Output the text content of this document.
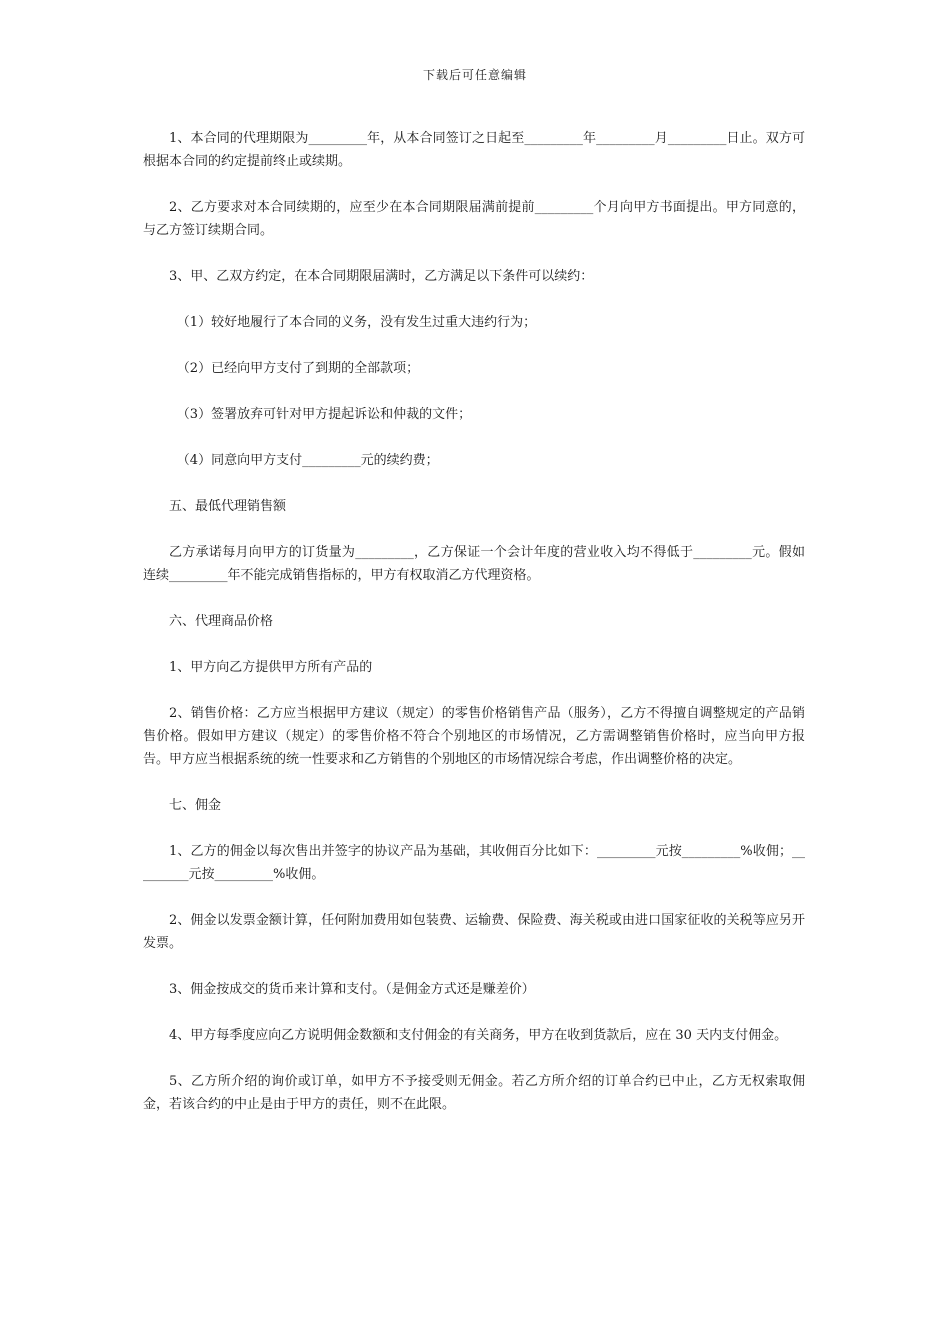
下载后可任意编辑

1、本合同的代理期限为_________年，从本合同签订之日起至_________年_________月_________日止。双方可根据本合同的约定提前终止或续期。

2、乙方要求对本合同续期的，应至少在本合同期限届满前提前_________个月向甲方书面提出。甲方同意的，与乙方签订续期合同。

3、甲、乙双方约定，在本合同期限届满时，乙方满足以下条件可以续约：

（1）较好地履行了本合同的义务，没有发生过重大违约行为；

（2）已经向甲方支付了到期的全部款项；

（3）签署放弃可针对甲方提起诉讼和仲裁的文件；

（4）同意向甲方支付_________元的续约费；

五、最低代理销售额

乙方承诺每月向甲方的订货量为_________，乙方保证一个会计年度的营业收入均不得低于_________元。假如连续_________年不能完成销售指标的，甲方有权取消乙方代理资格。

六、代理商品价格

1、甲方向乙方提供甲方所有产品的

2、销售价格：乙方应当根据甲方建议（规定）的零售价格销售产品（服务），乙方不得擅自调整规定的产品销售价格。假如甲方建议（规定）的零售价格不符合个别地区的市场情况，乙方需调整销售价格时，应当向甲方报告。甲方应当根据系统的统一性要求和乙方销售的个别地区的市场情况综合考虑，作出调整价格的决定。

七、佣金

1、乙方的佣金以每次售出并签字的协议产品为基础，其收佣百分比如下：_________元按_________%收佣；_________元按_________%收佣。

2、佣金以发票金额计算，任何附加费用如包装费、运输费、保险费、海关税或由进口国家征收的关税等应另开发票。

3、佣金按成交的货币来计算和支付。（是佣金方式还是赚差价）

4、甲方每季度应向乙方说明佣金数额和支付佣金的有关商务，甲方在收到货款后，应在 30 天内支付佣金。

5、乙方所介绍的询价或订单，如甲方不予接受则无佣金。若乙方所介绍的订单合约已中止，乙方无权索取佣金，若该合约的中止是由于甲方的责任，则不在此限。
